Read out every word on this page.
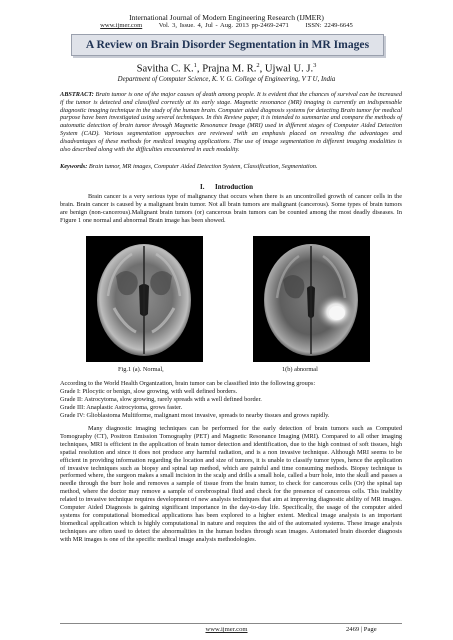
International Journal of Modern Engineering Research (IJMER)
www.ijmer.com	Vol. 3, Issue. 4, Jul - Aug. 2013 pp-2469-2471	ISSN: 2249-6645
A Review on Brain Disorder Segmentation in MR Images
Savitha C. K.$^1$, Prajna M. R.$^2$, Ujwal U. J.$^3$
Department of Computer Science, K. V. G. College of Engineering, V T U, India
ABSTRACT: Brain tumor is one of the major causes of death among people. It is evident that the chances of survival can be increased if the tumor is detected and classified correctly at its early stage. Magnetic resonance (MR) imaging is currently an indispensable diagnostic imaging technique in the study of the human brain. Computer aided diagnosis systems for detecting Brain tumor for medical purpose have been investigated using several techniques. In this Review paper, it is intended to summarize and compare the methods of automatic detection of brain tumor through Magnetic Resonance Image (MRI) used in different stages of Computer Aided Detection System (CAD). Various segmentation approaches are reviewed with an emphasis placed on revealing the advantages and disadvantages of these methods for medical imaging applications. The use of image segmentation in different imaging modalities is also described along with the difficulties encountered in each modality.
Keywords: Brain tumor, MR images, Computer Aided Detection System, Classification, Segmentation.
I.      Introduction
Brain cancer is a very serious type of malignancy that occurs when there is an uncontrolled growth of cancer cells in the brain. Brain cancer is caused by a malignant brain tumor. Not all brain tumors are malignant (cancerous). Some types of brain tumors are benign (non-cancerous).Malignant brain tumors (or) cancerous brain tumors can be counted among the most deadly diseases. In Figure 1 one normal and abnormal Brain image has been showed.
Fig.1 (a). Normal,	1(b) abnormal
According to the World Health Organization, brain tumor can be classified into the following groups:
Grade I: Pilocytic or benign, slow growing, with well defined borders.
Grade II: Astrocytoma, slow growing, rarely spreads with a well defined border.
Grade III: Anaplastic Astrocytoma, grows faster.
Grade IV: Glioblastoma Multiforme, malignant most invasive, spreads to nearby tissues and grows rapidly.
Many diagnostic imaging techniques can be performed for the early detection of brain tumors such as Computed Tomography (CT), Positron Emission Tomography (PET) and Magnetic Resonance Imaging (MRI). Compared to all other imaging techniques, MRI is efficient in the application of brain tumor detection and identification, due to the high contrast of soft tissues, high spatial resolution and since it does not produce any harmful radiation, and is a non invasive technique. Although MRI seems to be efficient in providing information regarding the location and size of tumors, it is unable to classify tumor types, hence the application of invasive techniques such as biopsy and spinal tap method, which are painful and time consuming methods. Biopsy technique is performed where, the surgeon makes a small incision in the scalp and drills a small hole, called a burr hole, into the skull and passes a needle through the burr hole and removes a sample of tissue from the brain tumor, to check for cancerous cells (Or) the spinal tap method, where the doctor may remove a sample of cerebrospinal fluid and check for the presence of cancerous cells. This inability related to invasive technique requires development of new analysis techniques that aim at improving diagnostic ability of MR images. Computer Aided Diagnosis is gaining significant importance in the day-to-day life. Specifically, the usage of the computer aided systems for computational biomedical applications has been explored to a higher extent. Medical image analysis is an important biomedical application which is highly computational in nature and requires the aid of the automated systems. These image analysis techniques are often used to detect the abnormalities in the human bodies through scan images. Automated brain disorder diagnosis with MR images is one of the specific medical image analysis methodologies.
www.ijmer.com	2469 | Page
